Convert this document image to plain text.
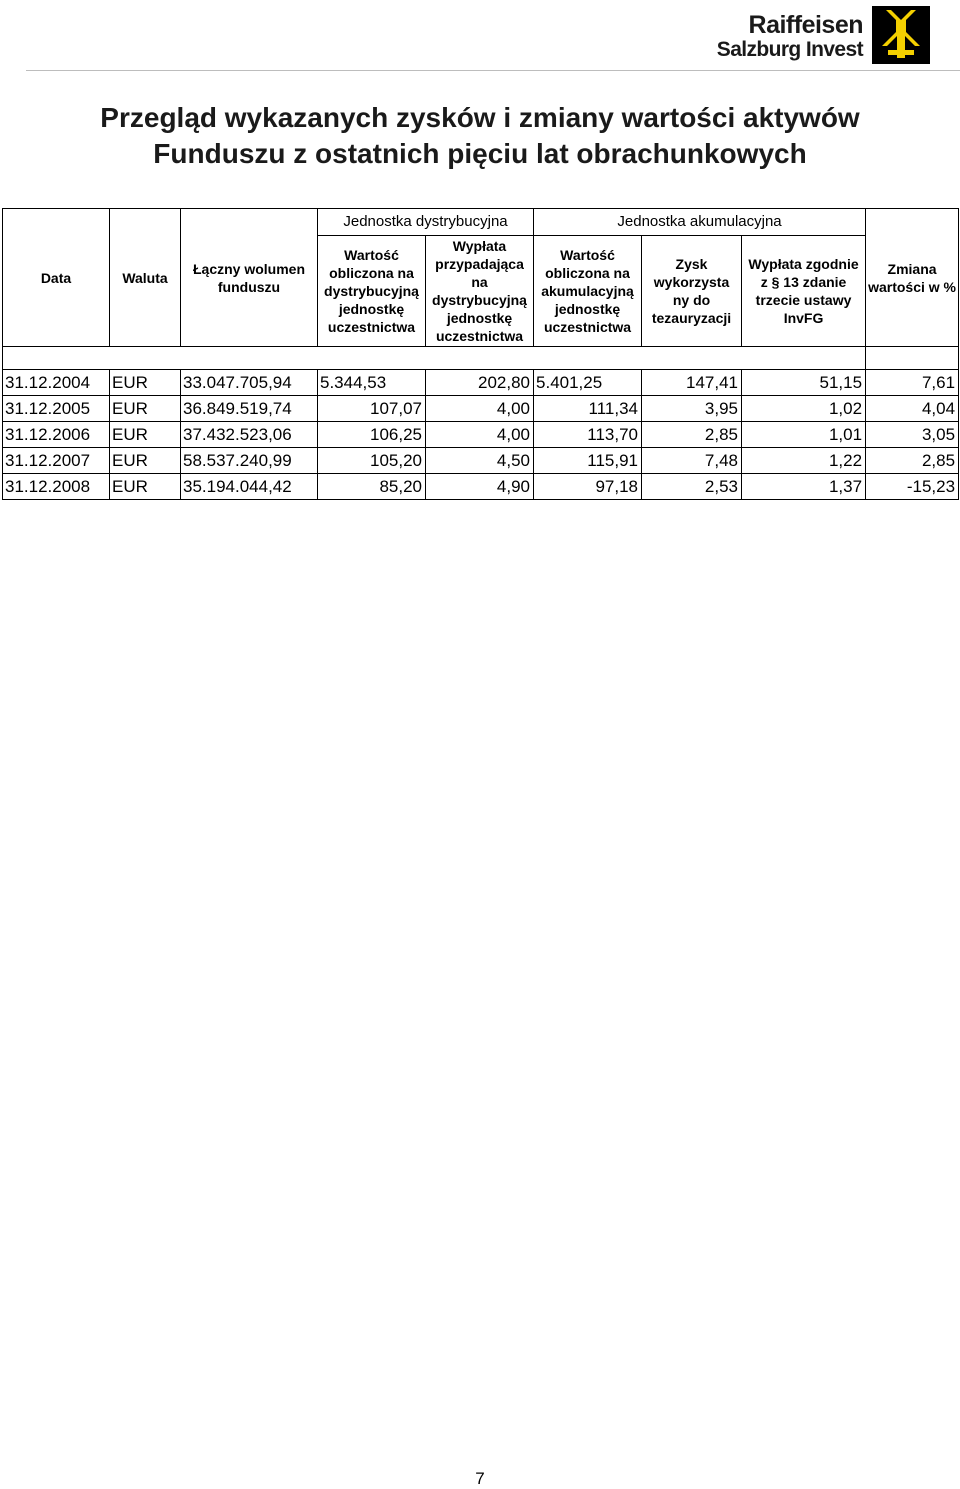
Raiffeisen
Salzburg Invest
Przegląd wykazanych zysków i zmiany wartości aktywów
Funduszu z ostatnich pięciu lat obrachunkowych
Data	Waluta	Łączny wolumen funduszu	Jednostka dystrybucyjna		Jednostka akumulacyjna			Zmiana wartości w %
			Wartość obliczona na dystrybucyjną jednostkę uczestnictwa	Wypłata przypadająca na dystrybucyjną jednostkę uczestnictwa	Wartość obliczona na akumulacyjną jednostkę uczestnictwa	Zysk wykorzysta ny do tezauryzacji	Wypłata zgodnie z § 13 zdanie trzecie ustawy InvFG	

31.12.2004	EUR	33.047.705,94	5.344,53	202,80	5.401,25	147,41	51,15	7,61
31.12.2005	EUR	36.849.519,74	107,07	4,00	111,34	3,95	1,02	4,04
31.12.2006	EUR	37.432.523,06	106,25	4,00	113,70	2,85	1,01	3,05
31.12.2007	EUR	58.537.240,99	105,20	4,50	115,91	7,48	1,22	2,85
31.12.2008	EUR	35.194.044,42	85,20	4,90	97,18	2,53	1,37	-15,23
7
